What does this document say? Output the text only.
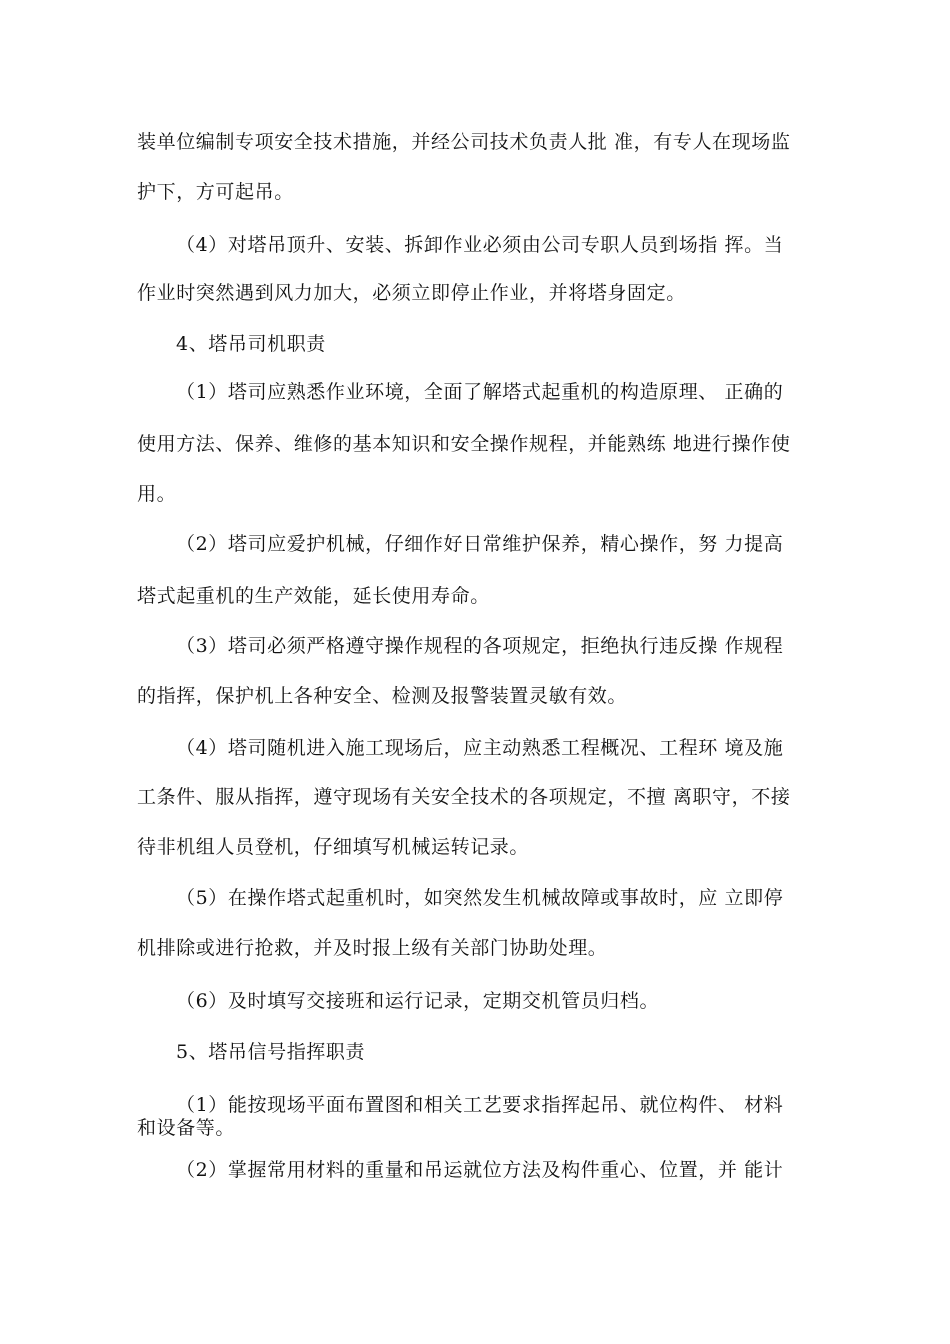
装单位编制专项安全技术措施，并经公司技术负责人批 准，有专人在现场监
护下，方可起吊。
（4）对塔吊顶升、安装、拆卸作业必须由公司专职人员到场指 挥。当
作业时突然遇到风力加大，必须立即停止作业，并将塔身固定。
4、塔吊司机职责
（1）塔司应熟悉作业环境，全面了解塔式起重机的构造原理、 正确的
使用方法、保养、维修的基本知识和安全操作规程，并能熟练 地进行操作使
用。
（2）塔司应爱护机械，仔细作好日常维护保养，精心操作，努 力提高
塔式起重机的生产效能，延长使用寿命。
（3）塔司必须严格遵守操作规程的各项规定，拒绝执行违反操 作规程
的指挥，保护机上各种安全、检测及报警装置灵敏有效。
（4）塔司随机进入施工现场后，应主动熟悉工程概况、工程环 境及施
工条件、服从指挥，遵守现场有关安全技术的各项规定，不擅 离职守，不接
待非机组人员登机，仔细填写机械运转记录。
（5）在操作塔式起重机时，如突然发生机械故障或事故时，应 立即停
机排除或进行抢救，并及时报上级有关部门协助处理。
（6）及时填写交接班和运行记录，定期交机管员归档。
5、塔吊信号指挥职责
（1）能按现场平面布置图和相关工艺要求指挥起吊、就位构件、 材料
和设备等。
（2）掌握常用材料的重量和吊运就位方法及构件重心、位置，并 能计
